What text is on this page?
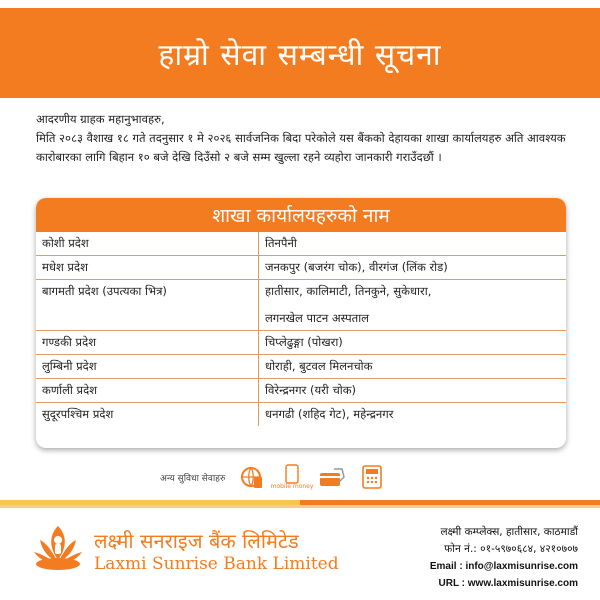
हाम्रो सेवा सम्बन्धी सूचना

आदरणीय ग्राहक महानुभावहरु,

मिति २०८३ वैशाख १८ गते तदनुसार १ मे २०२६ सार्वजनिक बिदा परेकोले यस बैंकको देहायका शाखा कार्यालयहरु अति आवश्यक कारोबारका लागि बिहान १० बजे देखि दिउँसो २ बजे सम्म खुल्ला रहने व्यहोरा जानकारी गराउँदछौं ।

शाखा कार्यालयहरुको नाम
कोशी प्रदेश	तिनपैनी
मधेश प्रदेश	जनकपुर (बजरंग चोक), वीरगंज (लिंक रोड)
बागमती प्रदेश (उपत्यका भित्र)	हातीसार, कालिमाटी, तिनकुने, सुकेधारा,
लगनखेल पाटन अस्पताल

गण्डकी प्रदेश	चिप्लेढुङ्गा (पोखरा)
लुम्बिनी प्रदेश	धोराही, बुटवल मिलनचोक
कर्णाली प्रदेश	विरेन्द्रनगर (यरी चोक)
सुदूरपश्चिम प्रदेश	धनगढी (शहिद गेट), महेन्द्रनगर
अन्य सुविधा सेवाहरु
mobile money
लक्ष्मी सनराइज बैंक लिमिटेड
Laxmi Sunrise Bank Limited
लक्ष्मी कम्प्लेक्स, हातीसार, काठमाडौं
फोन नं.: ०१-५९७०६८४, ४२१०७०७
Email : info@laxmisunrise.com
URL : www.laxmisunrise.com
